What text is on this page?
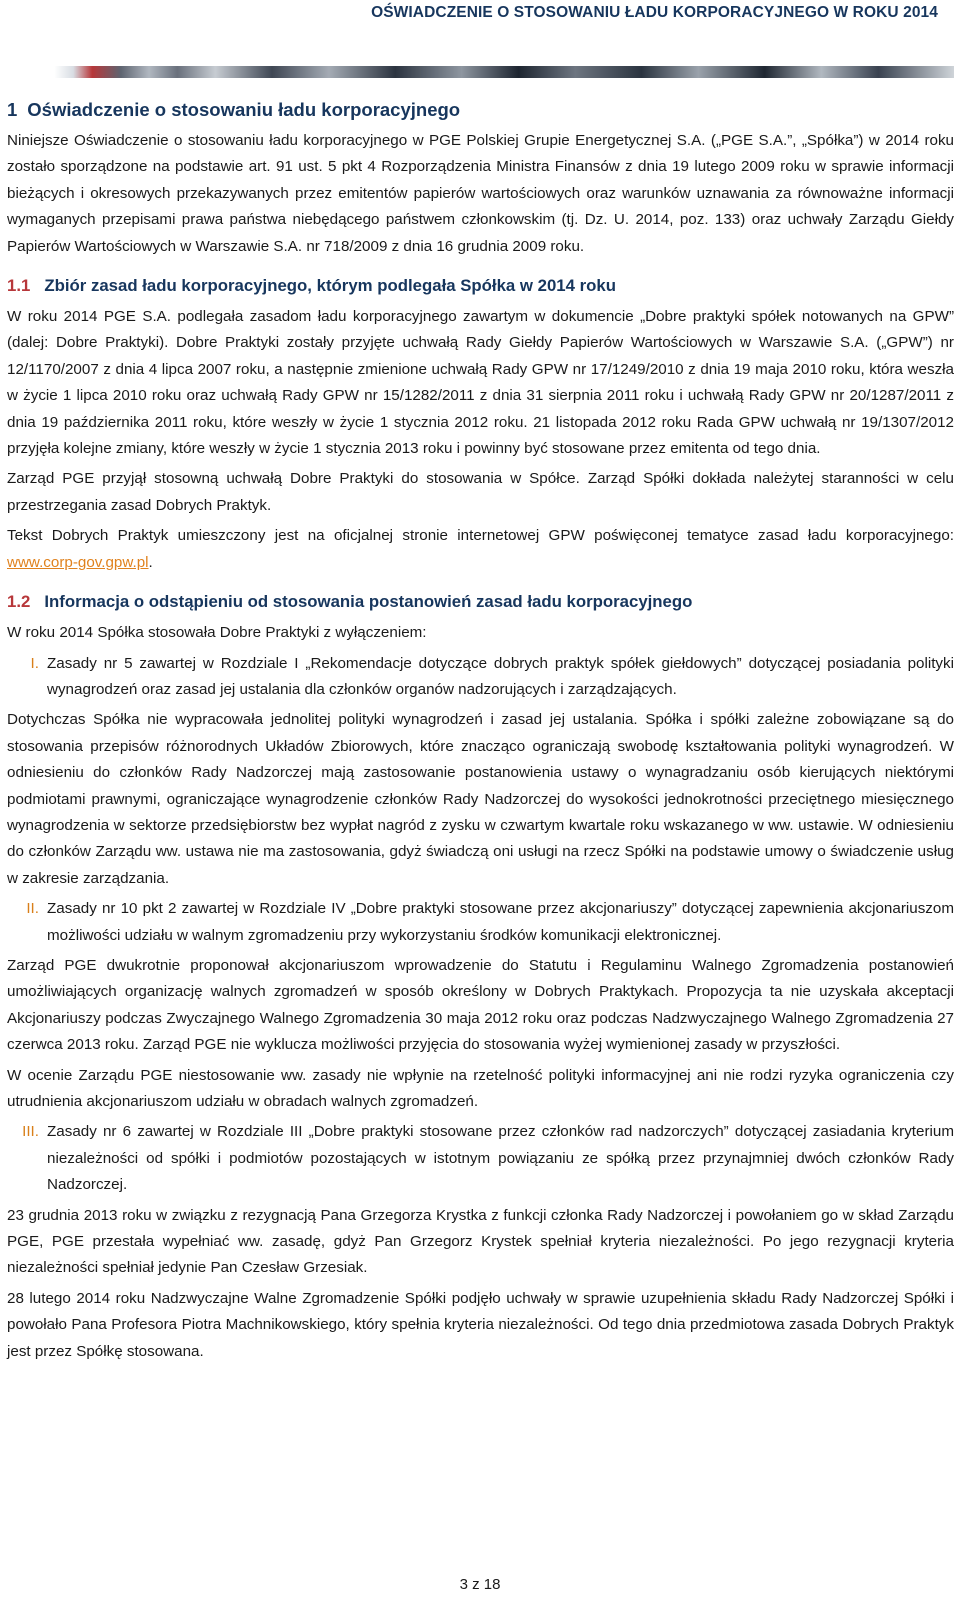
OŚWIADCZENIE O STOSOWANIU ŁADU KORPORACYJNEGO W ROKU 2014
1 Oświadczenie o stosowaniu ładu korporacyjnego

Niniejsze Oświadczenie o stosowaniu ładu korporacyjnego w PGE Polskiej Grupie Energetycznej S.A. („PGE S.A.”, „Spółka”) w 2014 roku zostało sporządzone na podstawie art. 91 ust. 5 pkt 4 Rozporządzenia Ministra Finansów z dnia 19 lutego 2009 roku w sprawie informacji bieżących i okresowych przekazywanych przez emitentów papierów wartościowych oraz warunków uznawania za równoważne informacji wymaganych przepisami prawa państwa niebędącego państwem członkowskim (tj. Dz. U. 2014, poz. 133) oraz uchwały Zarządu Giełdy Papierów Wartościowych w Warszawie S.A. nr 718/2009 z dnia 16 grudnia 2009 roku.

1.1 Zbiór zasad ładu korporacyjnego, którym podlegała Spółka w 2014 roku

W roku 2014 PGE S.A. podlegała zasadom ładu korporacyjnego zawartym w dokumencie „Dobre praktyki spółek notowanych na GPW” (dalej: Dobre Praktyki). Dobre Praktyki zostały przyjęte uchwałą Rady Giełdy Papierów Wartościowych w Warszawie S.A. („GPW”) nr 12/1170/2007 z dnia 4 lipca 2007 roku, a następnie zmienione uchwałą Rady GPW nr 17/1249/2010 z dnia 19 maja 2010 roku, która weszła w życie 1 lipca 2010 roku oraz uchwałą Rady GPW nr 15/1282/2011 z dnia 31 sierpnia 2011 roku i uchwałą Rady GPW nr 20/1287/2011 z dnia 19 października 2011 roku, które weszły w życie 1 stycznia 2012 roku. 21 listopada 2012 roku Rada GPW uchwałą nr 19/1307/2012 przyjęła kolejne zmiany, które weszły w życie 1 stycznia 2013 roku i powinny być stosowane przez emitenta od tego dnia.

Zarząd PGE przyjął stosowną uchwałą Dobre Praktyki do stosowania w Spółce. Zarząd Spółki dokłada należytej staranności w celu przestrzegania zasad Dobrych Praktyk.

Tekst Dobrych Praktyk umieszczony jest na oficjalnej stronie internetowej GPW poświęconej tematyce zasad ładu korporacyjnego: www.corp-gov.gpw.pl.

1.2 Informacja o odstąpieniu od stosowania postanowień zasad ładu korporacyjnego

W roku 2014 Spółka stosowała Dobre Praktyki z wyłączeniem:

I. Zasady nr 5 zawartej w Rozdziale I „Rekomendacje dotyczące dobrych praktyk spółek giełdowych” dotyczącej posiadania polityki wynagrodzeń oraz zasad jej ustalania dla członków organów nadzorujących i zarządzających.

Dotychczas Spółka nie wypracowała jednolitej polityki wynagrodzeń i zasad jej ustalania. Spółka i spółki zależne zobowiązane są do stosowania przepisów różnorodnych Układów Zbiorowych, które znacząco ograniczają swobodę kształtowania polityki wynagrodzeń. W odniesieniu do członków Rady Nadzorczej mają zastosowanie postanowienia ustawy o wynagradzaniu osób kierujących niektórymi podmiotami prawnymi, ograniczające wynagrodzenie członków Rady Nadzorczej do wysokości jednokrotności przeciętnego miesięcznego wynagrodzenia w sektorze przedsiębiorstw bez wypłat nagród z zysku w czwartym kwartale roku wskazanego w ww. ustawie. W odniesieniu do członków Zarządu ww. ustawa nie ma zastosowania, gdyż świadczą oni usługi na rzecz Spółki na podstawie umowy o świadczenie usług w zakresie zarządzania.

II. Zasady nr 10 pkt 2 zawartej w Rozdziale IV „Dobre praktyki stosowane przez akcjonariuszy” dotyczącej zapewnienia akcjonariuszom możliwości udziału w walnym zgromadzeniu przy wykorzystaniu środków komunikacji elektronicznej.

Zarząd PGE dwukrotnie proponował akcjonariuszom wprowadzenie do Statutu i Regulaminu Walnego Zgromadzenia postanowień umożliwiających organizację walnych zgromadzeń w sposób określony w Dobrych Praktykach. Propozycja ta nie uzyskała akceptacji Akcjonariuszy podczas Zwyczajnego Walnego Zgromadzenia 30 maja 2012 roku oraz podczas Nadzwyczajnego Walnego Zgromadzenia 27 czerwca 2013 roku. Zarząd PGE nie wyklucza możliwości przyjęcia do stosowania wyżej wymienionej zasady w przyszłości.

W ocenie Zarządu PGE niestosowanie ww. zasady nie wpłynie na rzetelność polityki informacyjnej ani nie rodzi ryzyka ograniczenia czy utrudnienia akcjonariuszom udziału w obradach walnych zgromadzeń.

III. Zasady nr 6 zawartej w Rozdziale III „Dobre praktyki stosowane przez członków rad nadzorczych” dotyczącej zasiadania kryterium niezależności od spółki i podmiotów pozostających w istotnym powiązaniu ze spółką przez przynajmniej dwóch członków Rady Nadzorczej.

23 grudnia 2013 roku w związku z rezygnacją Pana Grzegorza Krystka z funkcji członka Rady Nadzorczej i powołaniem go w skład Zarządu PGE, PGE przestała wypełniać ww. zasadę, gdyż Pan Grzegorz Krystek spełniał kryteria niezależności. Po jego rezygnacji kryteria niezależności spełniał jedynie Pan Czesław Grzesiak.

28 lutego 2014 roku Nadzwyczajne Walne Zgromadzenie Spółki podjęło uchwały w sprawie uzupełnienia składu Rady Nadzorczej Spółki i powołało Pana Profesora Piotra Machnikowskiego, który spełnia kryteria niezależności. Od tego dnia przedmiotowa zasada Dobrych Praktyk jest przez Spółkę stosowana.

3 z 18
